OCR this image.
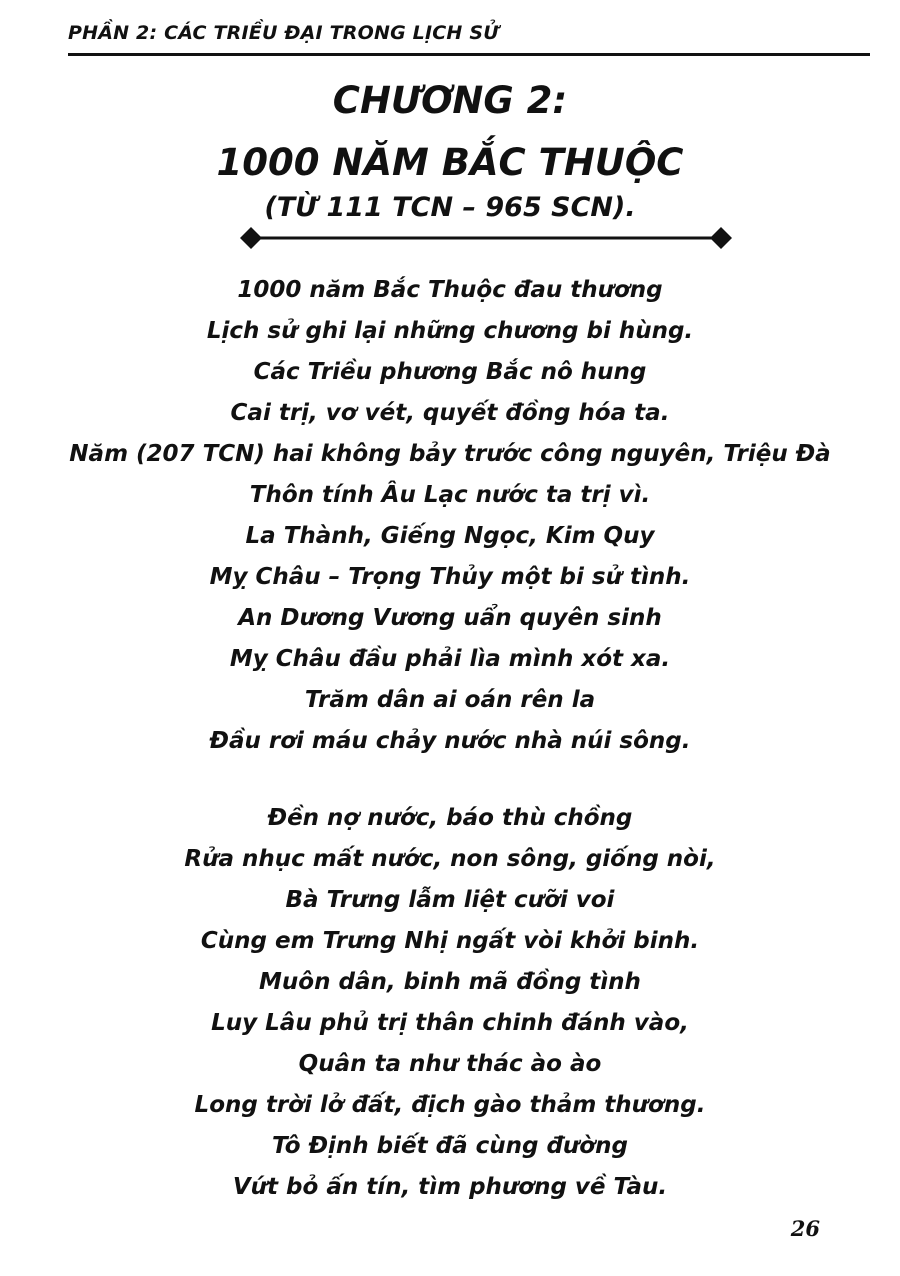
PHẦN 2: CÁC TRIỀU ĐẠI TRONG LỊCH SỬ
CHƯƠNG 2:
1000 NĂM BẮC THUỘC
(TỪ 111 TCN – 965 SCN).
1000 năm Bắc Thuộc đau thương
Lịch sử ghi lại những chương bi hùng.
Các Triều phương Bắc nô hung
Cai trị, vơ vét, quyết đồng hóa ta.
Năm (207 TCN) hai không bảy trước công nguyên, Triệu Đà
Thôn tính Âu Lạc nước ta trị vì.
La Thành, Giếng Ngọc, Kim Quy
Mỵ Châu – Trọng Thủy một bi sử tình.
An Dương Vương uẩn quyên sinh
Mỵ Châu đầu phải lìa mình xót xa.
Trăm dân ai oán rên la
Đầu rơi máu chảy nước nhà núi sông.
Đền nợ nước, báo thù chồng
Rửa nhục mất nước, non sông, giống nòi,
Bà Trưng lẫm liệt cưỡi voi
Cùng em Trưng Nhị ngất vòi khởi binh.
Muôn dân, binh mã đồng tình
Luy Lâu phủ trị thân chinh đánh vào,
Quân ta như thác ào ào
Long trời lở đất, địch gào thảm thương.
Tô Định biết đã cùng đường
Vứt bỏ ấn tín, tìm phương về Tàu.
26
